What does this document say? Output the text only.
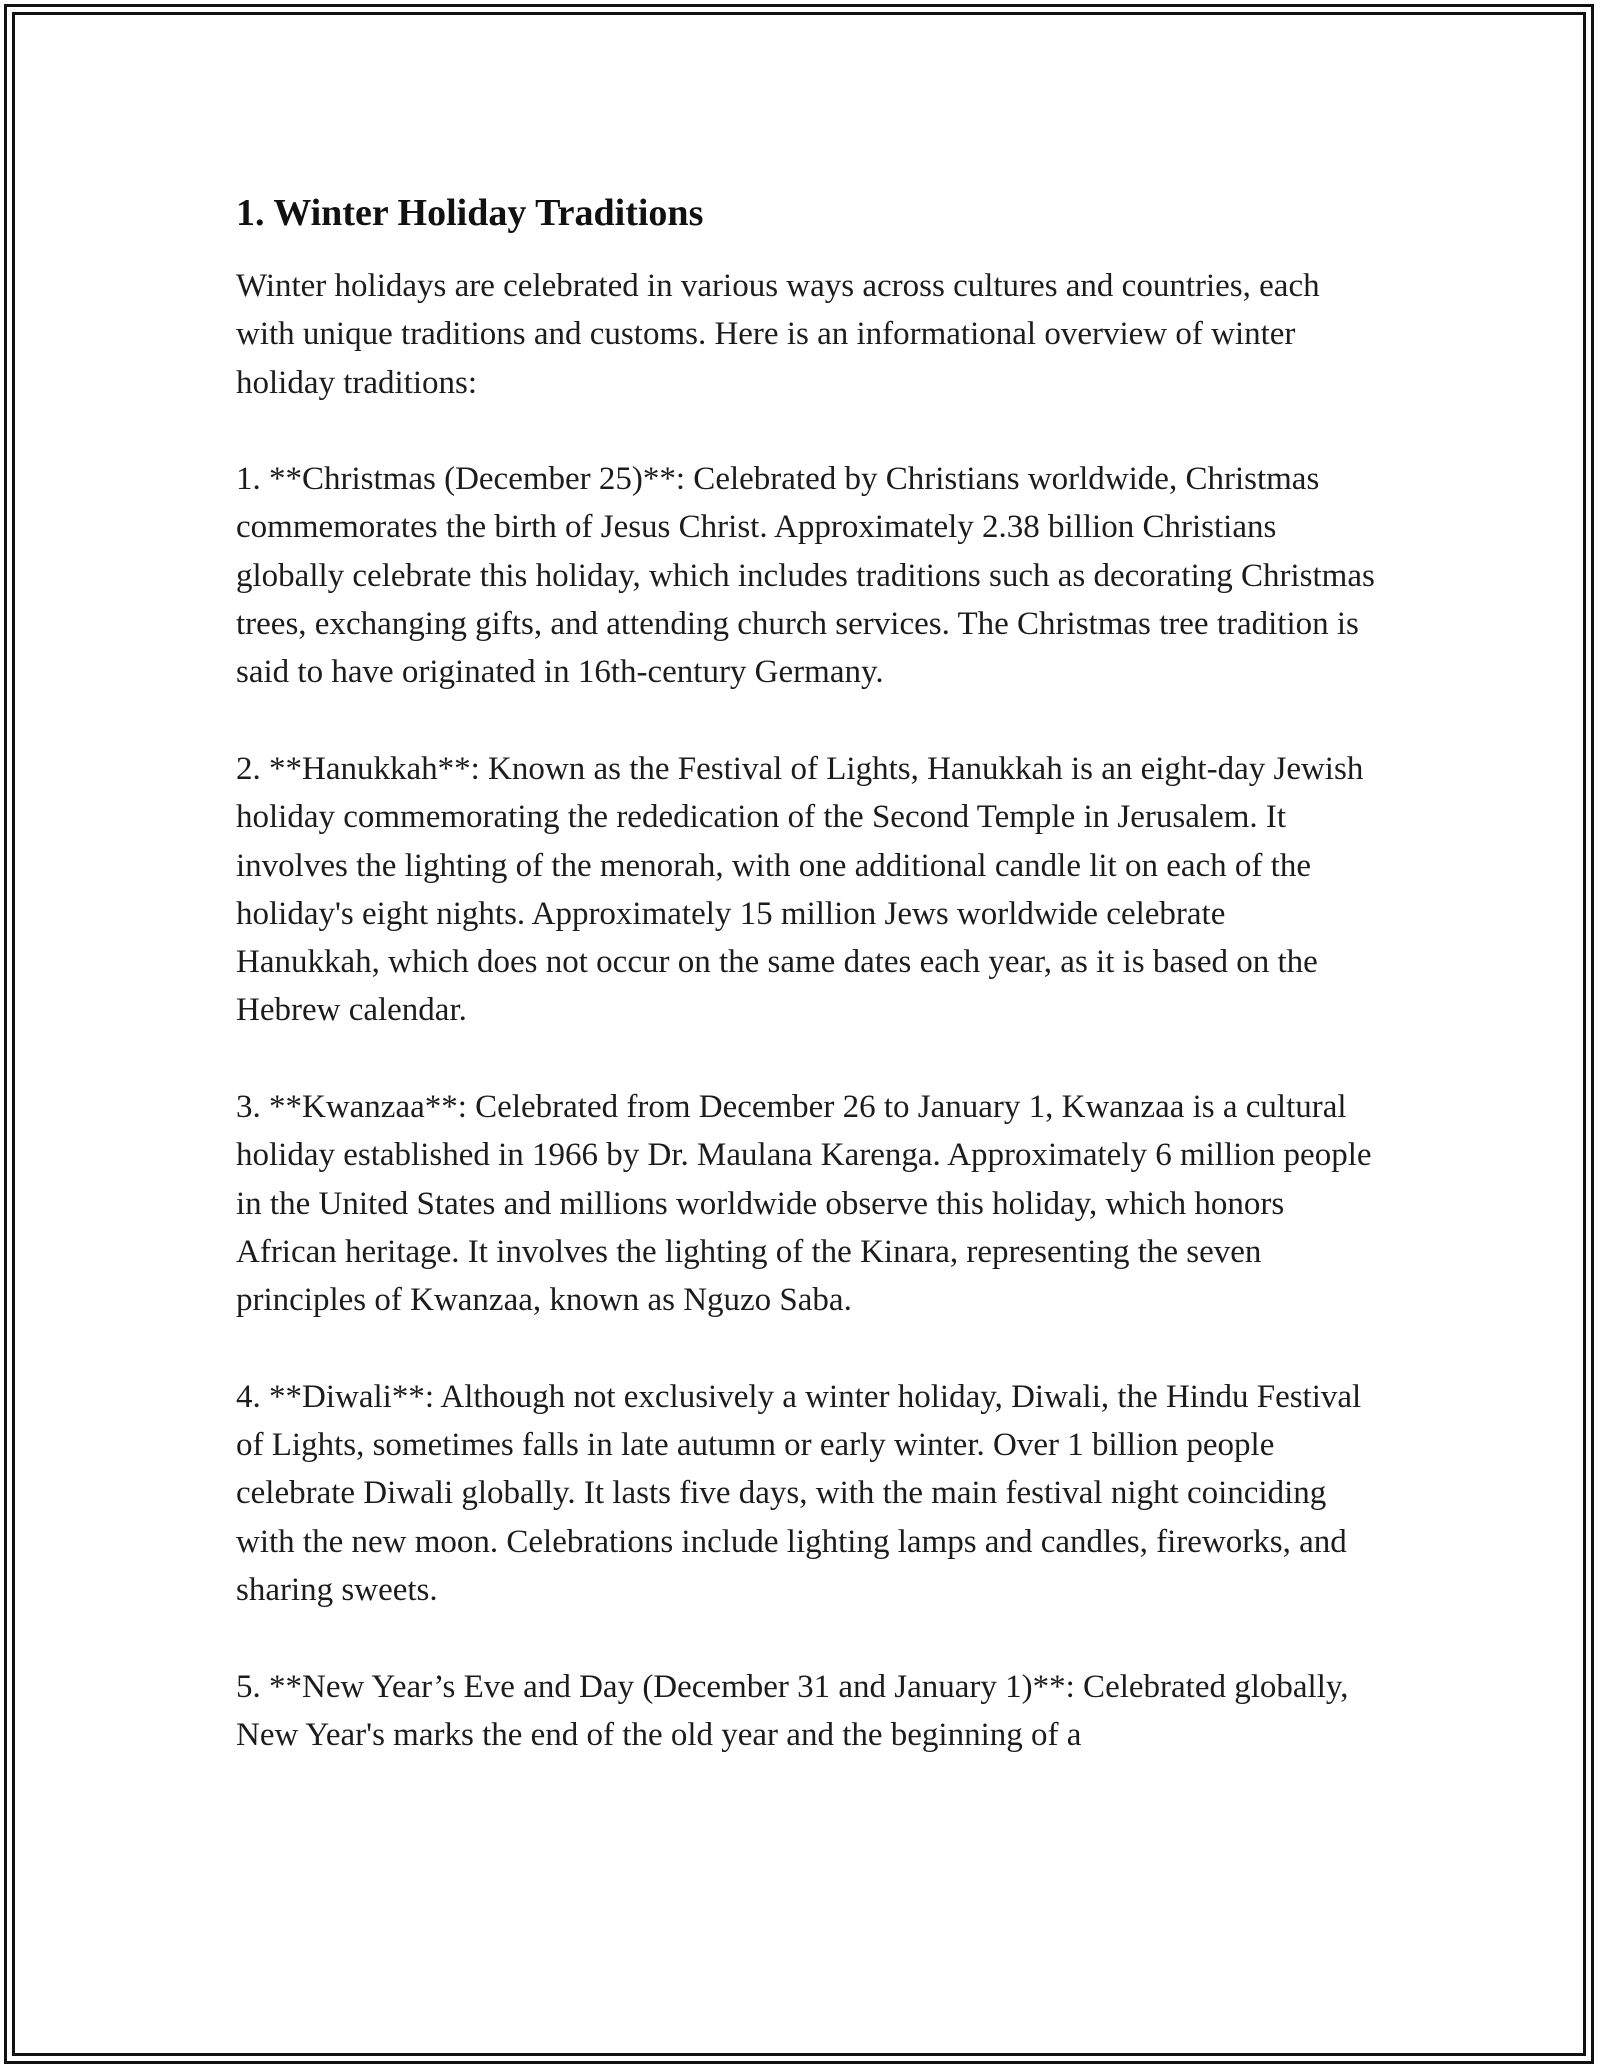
1. Winter Holiday Traditions

Winter holidays are celebrated in various ways across cultures and countries, each with unique traditions and customs. Here is an informational overview of winter holiday traditions:

1. **Christmas (December 25)**: Celebrated by Christians worldwide, Christmas commemorates the birth of Jesus Christ. Approximately 2.38 billion Christians globally celebrate this holiday, which includes traditions such as decorating Christmas trees, exchanging gifts, and attending church services. The Christmas tree tradition is said to have originated in 16th-century Germany.

2. **Hanukkah**: Known as the Festival of Lights, Hanukkah is an eight-day Jewish holiday commemorating the rededication of the Second Temple in Jerusalem. It involves the lighting of the menorah, with one additional candle lit on each of the holiday's eight nights. Approximately 15 million Jews worldwide celebrate Hanukkah, which does not occur on the same dates each year, as it is based on the Hebrew calendar.

3. **Kwanzaa**: Celebrated from December 26 to January 1, Kwanzaa is a cultural holiday established in 1966 by Dr. Maulana Karenga. Approximately 6 million people in the United States and millions worldwide observe this holiday, which honors African heritage. It involves the lighting of the Kinara, representing the seven principles of Kwanzaa, known as Nguzo Saba.

4. **Diwali**: Although not exclusively a winter holiday, Diwali, the Hindu Festival of Lights, sometimes falls in late autumn or early winter. Over 1 billion people celebrate Diwali globally. It lasts five days, with the main festival night coinciding with the new moon. Celebrations include lighting lamps and candles, fireworks, and sharing sweets.

5. **New Year’s Eve and Day (December 31 and January 1)**: Celebrated globally, New Year's marks the end of the old year and the beginning of a
